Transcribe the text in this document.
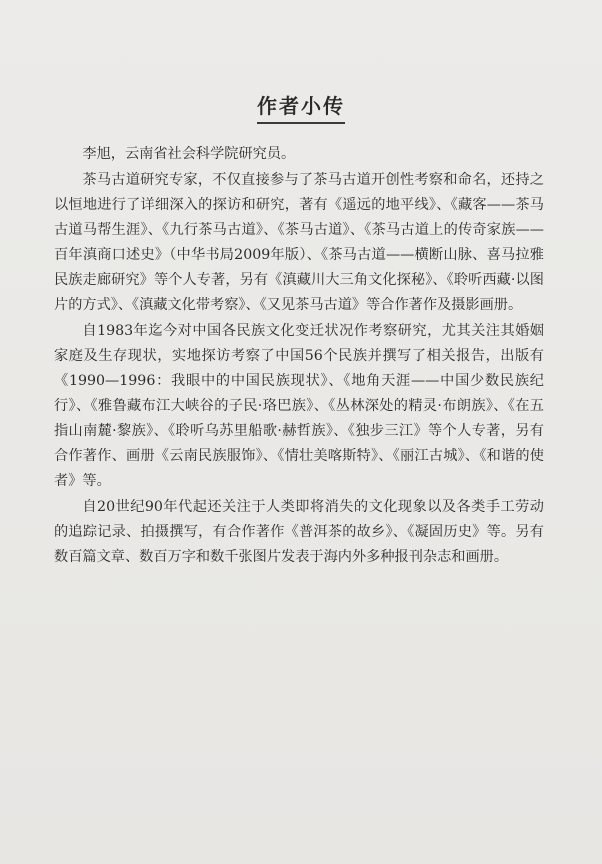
作者小传

李旭，云南省社会科学院研究员。

茶马古道研究专家，不仅直接参与了茶马古道开创性考察和命名，还持之以恒地进行了详细深入的探访和研究，著有《遥远的地平线》、《藏客——茶马古道马帮生涯》、《九行茶马古道》、《茶马古道》、《茶马古道上的传奇家族——百年滇商口述史》（中华书局2009年版）、《茶马古道——横断山脉、喜马拉雅民族走廊研究》等个人专著，另有《滇藏川大三角文化探秘》、《聆听西藏·以图片的方式》、《滇藏文化带考察》、《又见茶马古道》等合作著作及摄影画册。

自1983年迄今对中国各民族文化变迁状况作考察研究，尤其关注其婚姻家庭及生存现状，实地探访考察了中国56个民族并撰写了相关报告，出版有《1990—1996：我眼中的中国民族现状》、《地角天涯——中国少数民族纪行》、《雅鲁藏布江大峡谷的子民·珞巴族》、《丛林深处的精灵·布朗族》、《在五指山南麓·黎族》、《聆听乌苏里船歌·赫哲族》、《独步三江》等个人专著，另有合作著作、画册《云南民族服饰》、《情壮美喀斯特》、《丽江古城》、《和谐的使者》等。

自20世纪90年代起还关注于人类即将消失的文化现象以及各类手工劳动的追踪记录、拍摄撰写，有合作著作《普洱茶的故乡》、《凝固历史》等。另有数百篇文章、数百万字和数千张图片发表于海内外多种报刊杂志和画册。
